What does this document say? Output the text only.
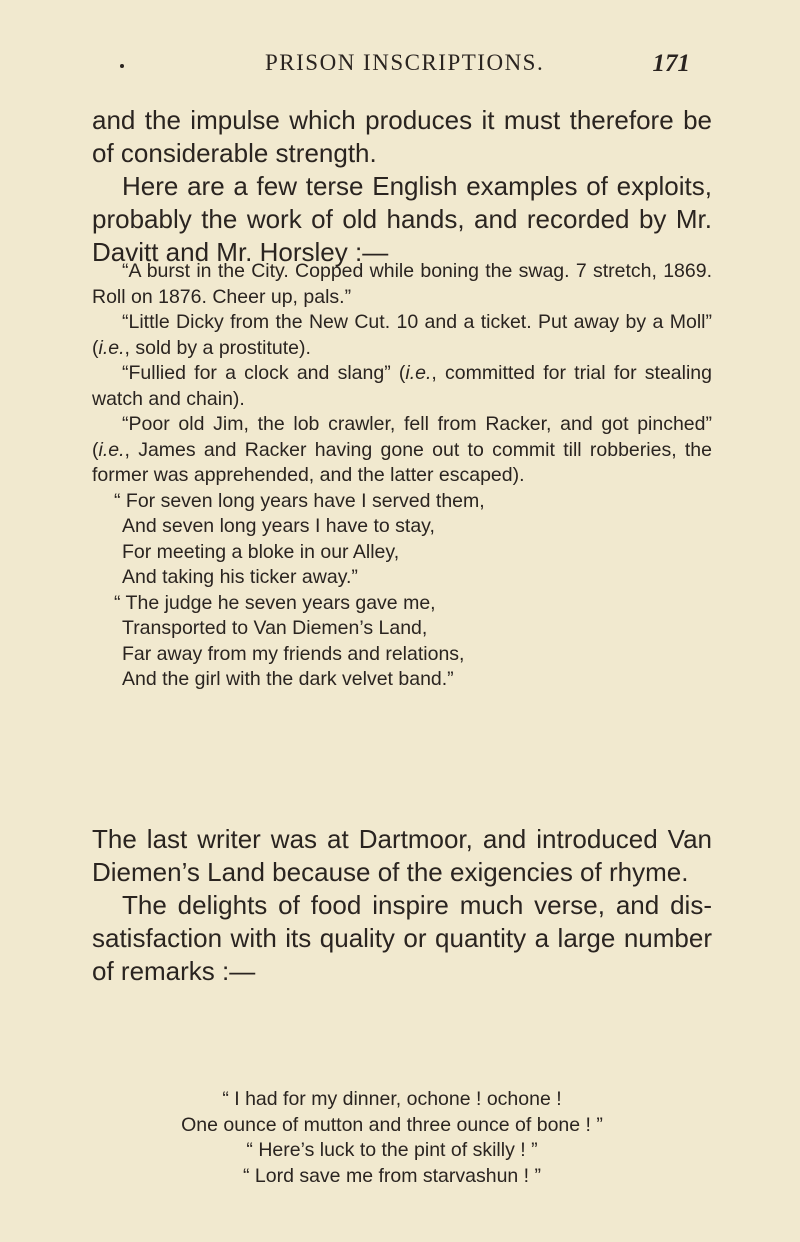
PRISON INSCRIPTIONS.	171

and the impulse which produces it must therefore be of considerable strength.

Here are a few terse English examples of exploits, probably the work of old hands, and recorded by Mr. Davitt and Mr. Horsley :—

“A burst in the City. Copped while boning the swag. 7 stretch, 1869. Roll on 1876. Cheer up, pals.”

“Little Dicky from the New Cut. 10 and a ticket. Put away by a Moll” (i.e., sold by a prostitute).

“Fullied for a clock and slang” (i.e., committed for trial for stealing watch and chain).

“Poor old Jim, the lob crawler, fell from Racker, and got pinched” (i.e., James and Racker having gone out to commit till robberies, the former was apprehended, and the latter escaped).

“ For seven long years have I served them,
And seven long years I have to stay,
For meeting a bloke in our Alley,
And taking his ticker away.”
“ The judge he seven years gave me,
Transported to Van Diemen’s Land,
Far away from my friends and relations,
And the girl with the dark velvet band.”

The last writer was at Dartmoor, and introduced Van Diemen’s Land because of the exigencies of rhyme.

The delights of food inspire much verse, and dis-satisfaction with its quality or quantity a large number of remarks :—

“ I had for my dinner, ochone ! ochone !
One ounce of mutton and three ounce of bone ! ”
“ Here’s luck to the pint of skilly ! ”
“ Lord save me from starvashun ! ”
